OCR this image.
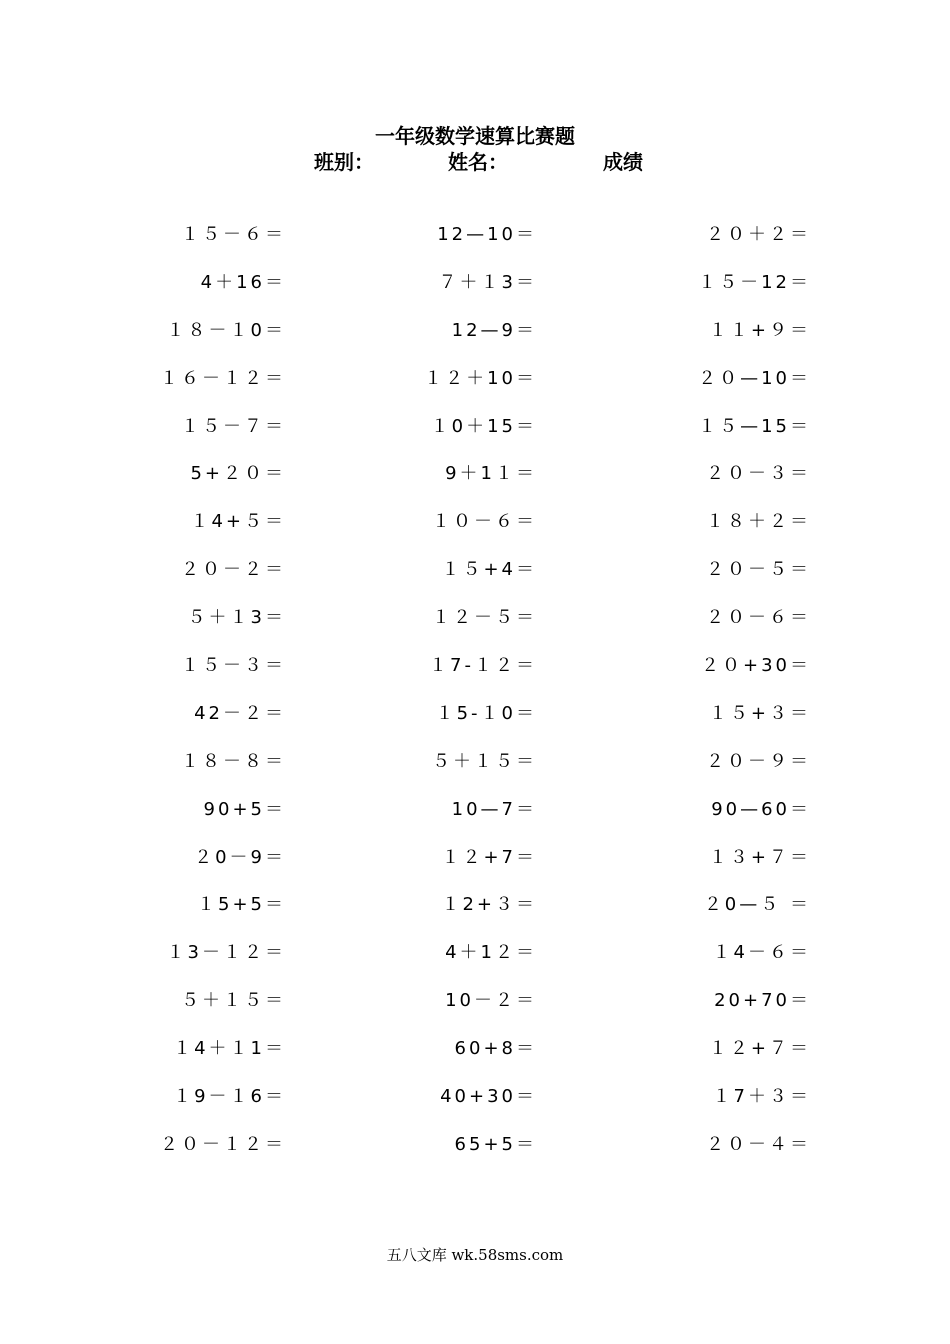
一年级数学速算比赛题
班别：	姓名：	成绩
１５－６＝
4＋16＝
１８－１0＝
１６－１２＝
１５－７＝
5+２０＝
１4+５＝
２０－２＝
５＋１3＝
１５－３＝
42－２＝
１８－８＝
90+5＝
２0－9＝
１5+5＝
１3－１２＝
５＋１５＝
１4＋１1＝
１9－１6＝
２０－１２＝
12—10＝
７＋１3＝
12—9＝
１２＋10＝
１0＋15＝
9＋1１＝
１０－６＝
１５+4＝
１２－５＝
１7-１２＝
１5-１0＝
５＋１５＝
10—7＝
１２+7＝
１2+３＝
4＋1２＝
10－２＝
60+8＝
40+30＝
65+5＝
２０＋２＝
１５－12＝
１１+９＝
２０—10＝
１５—15＝
２０－３＝
１８＋２＝
２０－５＝
２０－６＝
２０+30＝
１５+３＝
２０－９＝
90—60＝
１３+７＝
２0—５ ＝
１4－６＝
20+70＝
１２+７＝
１7＋３＝
２０－４＝
五八文库 wk.58sms.com
